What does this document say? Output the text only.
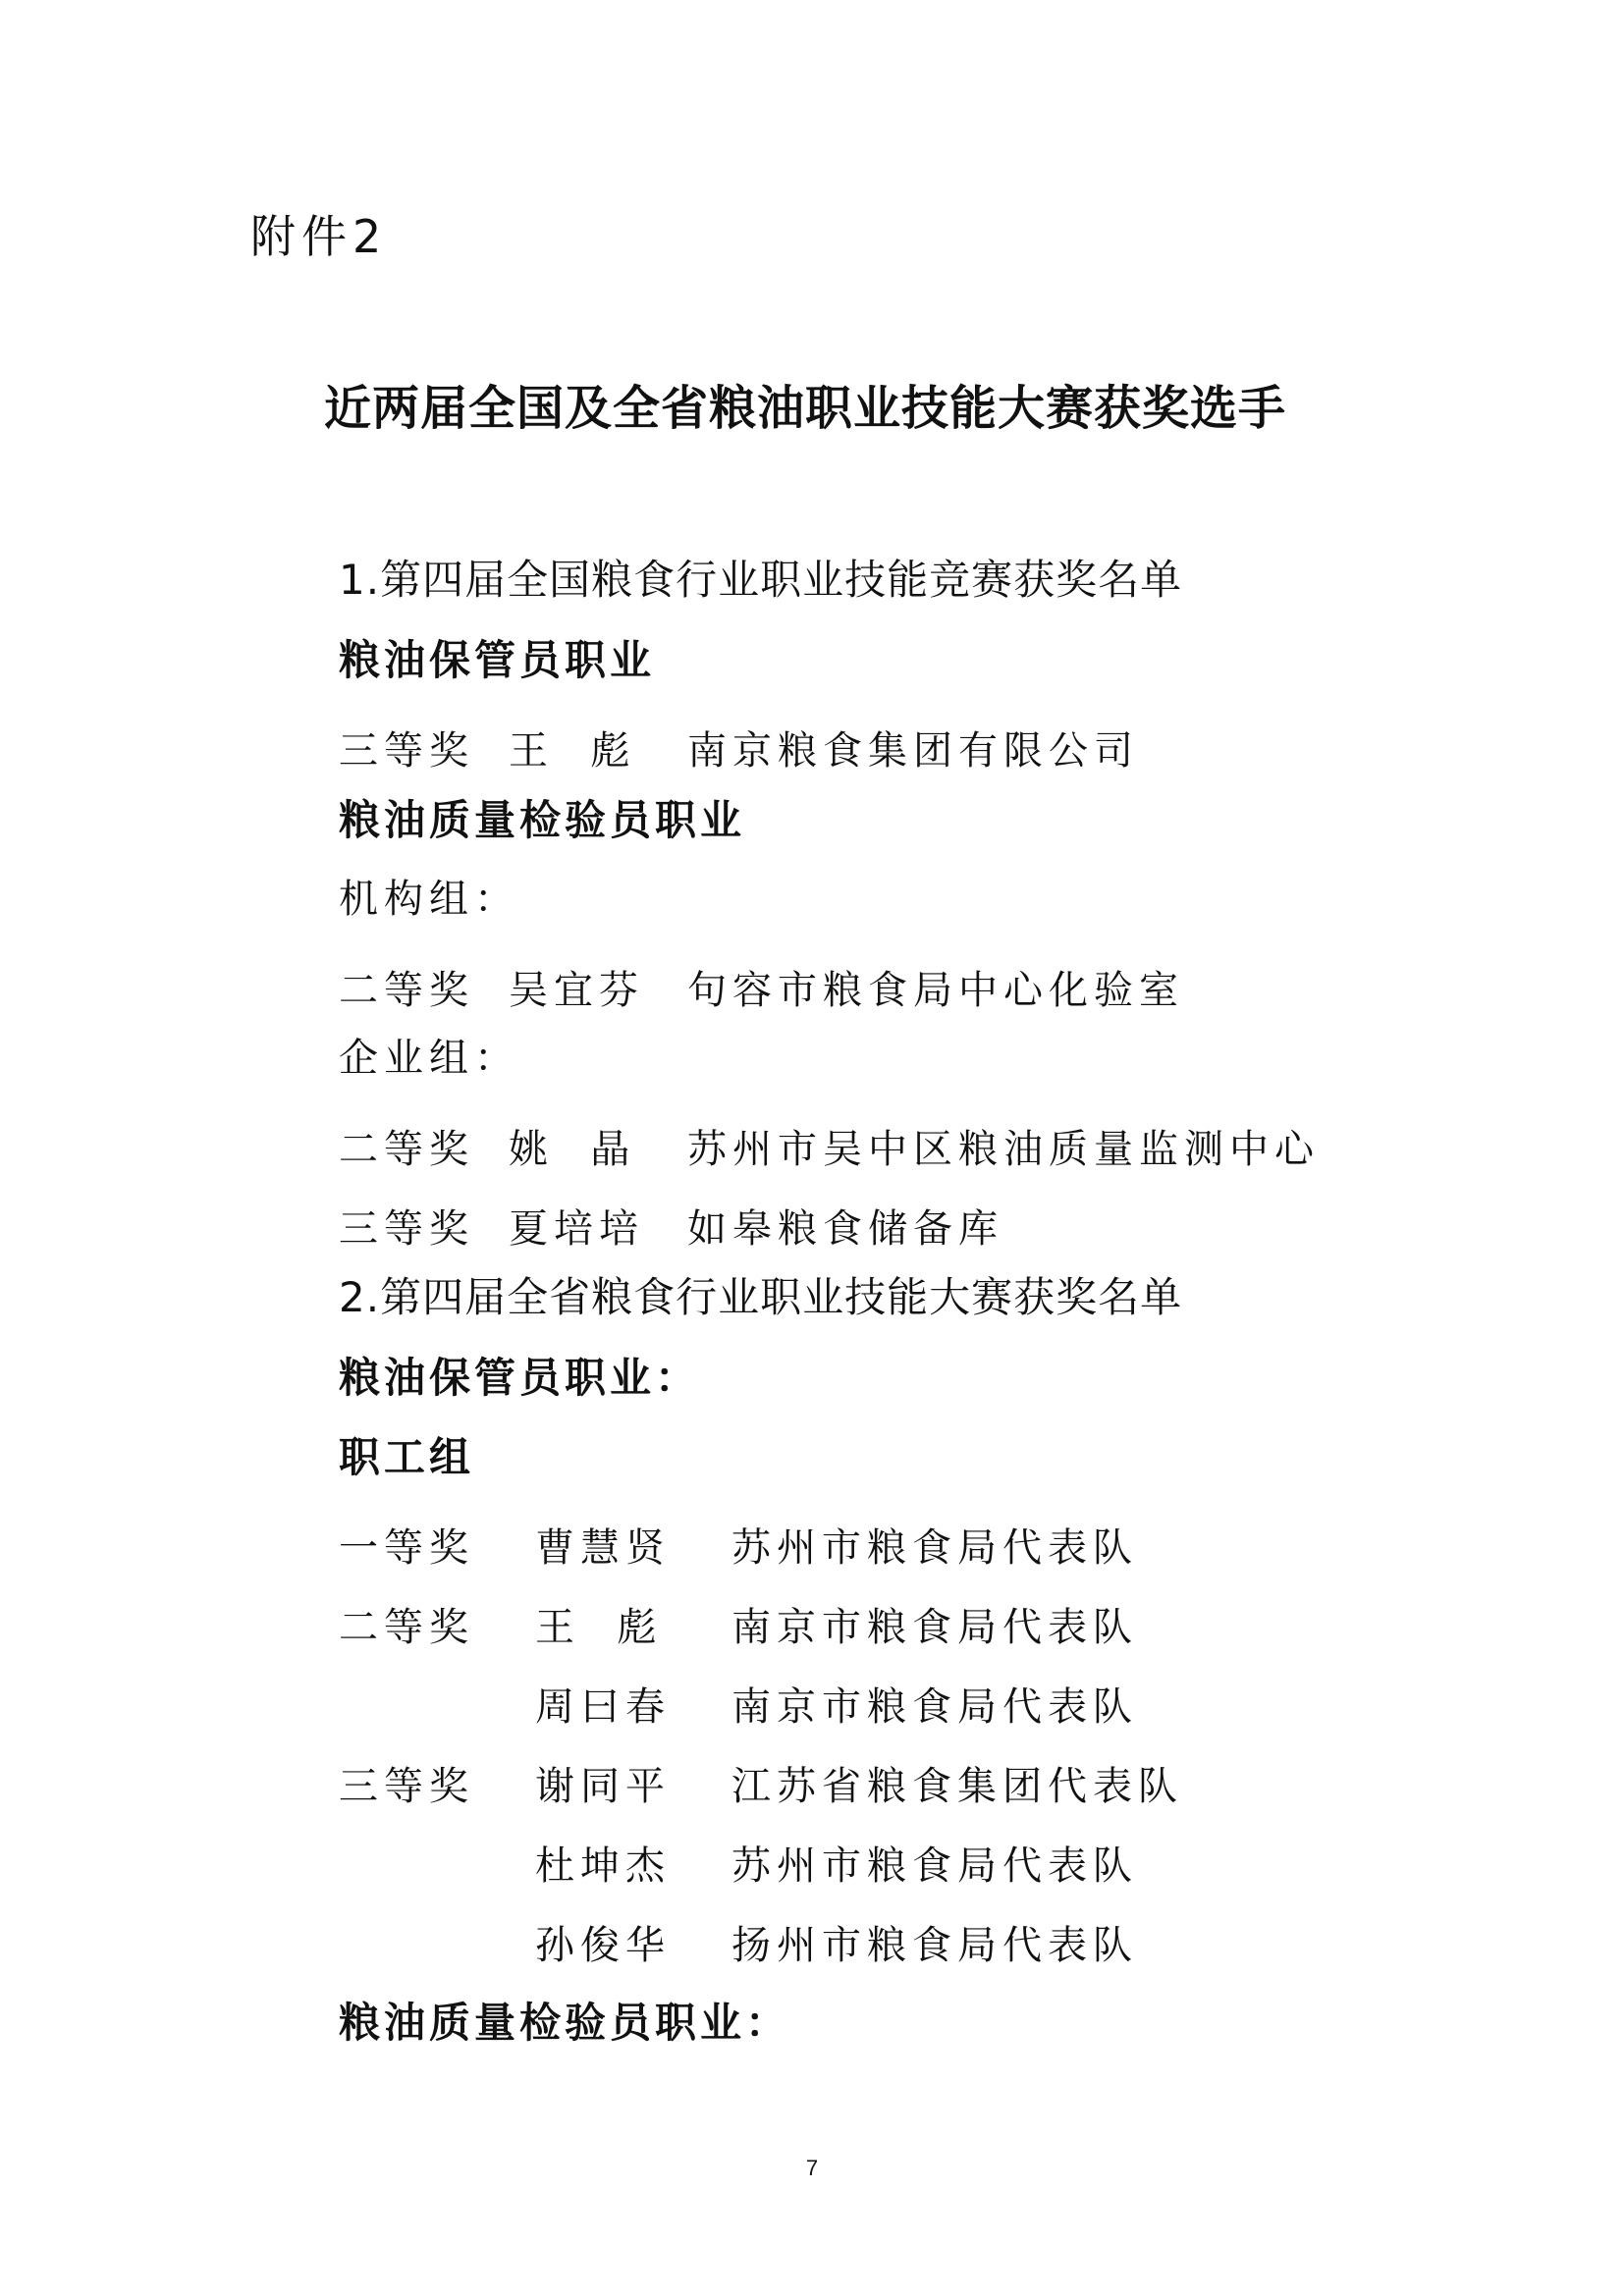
附件2
近两届全国及全省粮油职业技能大赛获奖选手
1.第四届全国粮食行业职业技能竞赛获奖名单
粮油保管员职业
三等奖 王  彪 南京粮食集团有限公司
粮油质量检验员职业
机构组：
二等奖 吴宜芬 句容市粮食局中心化验室
企业组：
二等奖 姚  晶 苏州市吴中区粮油质量监测中心
三等奖 夏培培 如皋粮食储备库
2.第四届全省粮食行业职业技能大赛获奖名单
粮油保管员职业：
职工组
一等奖 曹慧贤 苏州市粮食局代表队
二等奖 王  彪 南京市粮食局代表队
周曰春 南京市粮食局代表队
三等奖 谢同平 江苏省粮食集团代表队
杜坤杰 苏州市粮食局代表队
孙俊华 扬州市粮食局代表队
粮油质量检验员职业：
7
